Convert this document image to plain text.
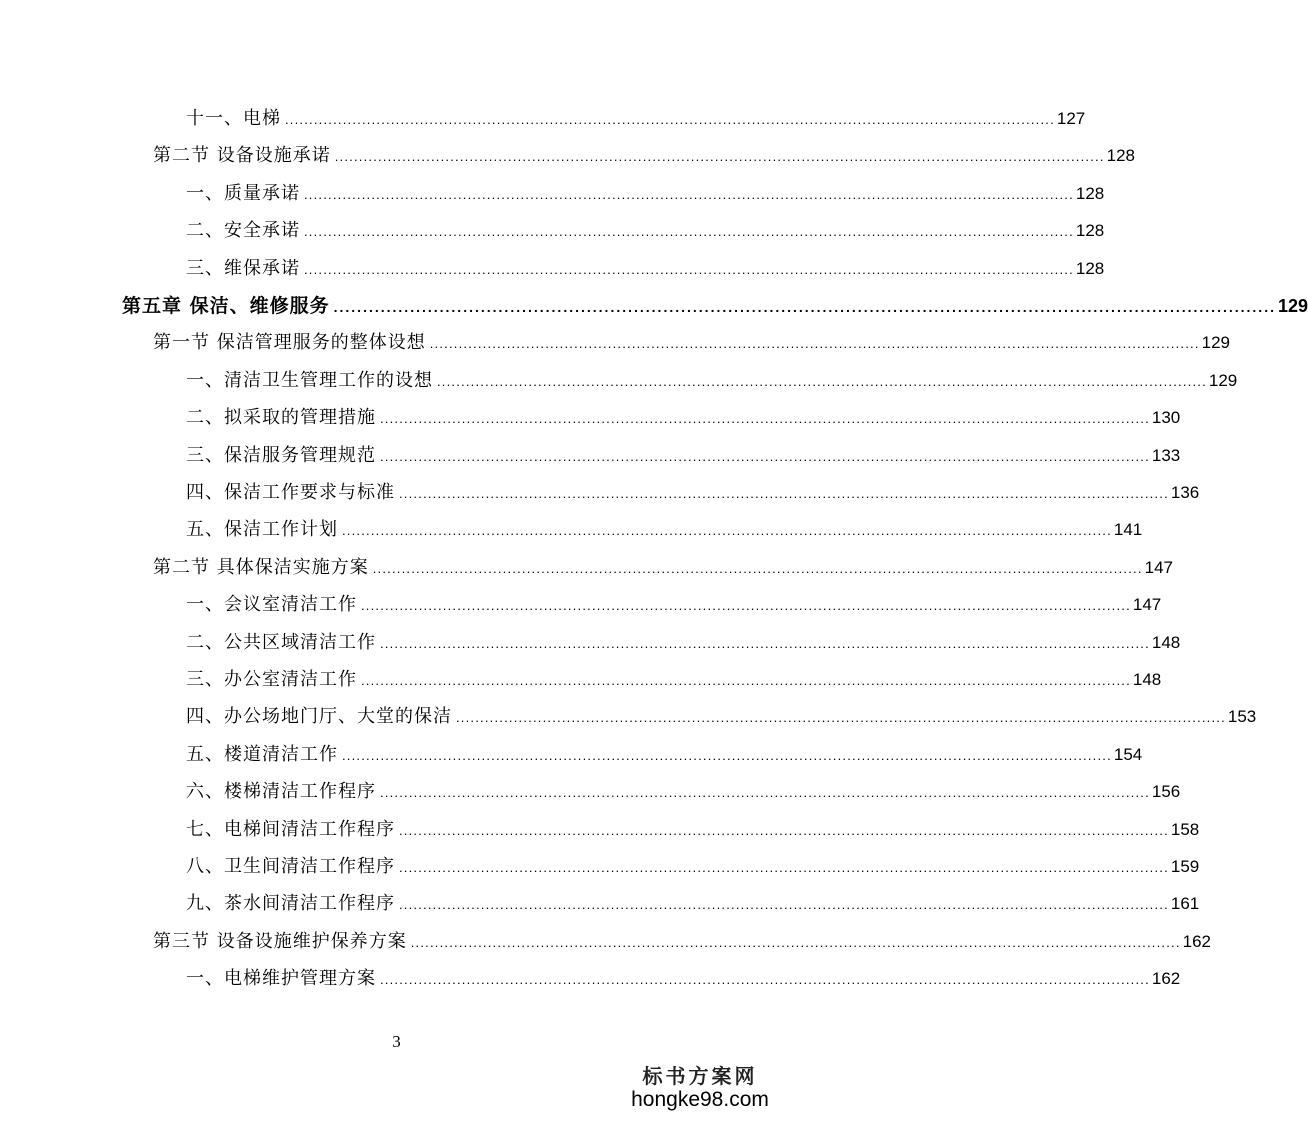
十一、电梯 ................................................................................................................................................................ 127
第二节 设备设施承诺 ................................................................................................................................................................ 128
一、质量承诺 ................................................................................................................................................................ 128
二、安全承诺 ................................................................................................................................................................ 128
三、维保承诺 ................................................................................................................................................................ 128
第五章 保洁、维修服务 ................................................................................................................................................................ 129
第一节 保洁管理服务的整体设想 ................................................................................................................................................................ 129
一、清洁卫生管理工作的设想 ................................................................................................................................................................ 129
二、拟采取的管理措施 ................................................................................................................................................................ 130
三、保洁服务管理规范 ................................................................................................................................................................ 133
四、保洁工作要求与标准 ................................................................................................................................................................ 136
五、保洁工作计划 ................................................................................................................................................................ 141
第二节 具体保洁实施方案 ................................................................................................................................................................ 147
一、会议室清洁工作 ................................................................................................................................................................ 147
二、公共区域清洁工作 ................................................................................................................................................................ 148
三、办公室清洁工作 ................................................................................................................................................................ 148
四、办公场地门厅、大堂的保洁 ................................................................................................................................................................ 153
五、楼道清洁工作 ................................................................................................................................................................ 154
六、楼梯清洁工作程序 ................................................................................................................................................................ 156
七、电梯间清洁工作程序 ................................................................................................................................................................ 158
八、卫生间清洁工作程序 ................................................................................................................................................................ 159
九、茶水间清洁工作程序 ................................................................................................................................................................ 161
第三节 设备设施维护保养方案 ................................................................................................................................................................ 162
一、电梯维护管理方案 ................................................................................................................................................................ 162
3
标书方案网
hongke98.com
